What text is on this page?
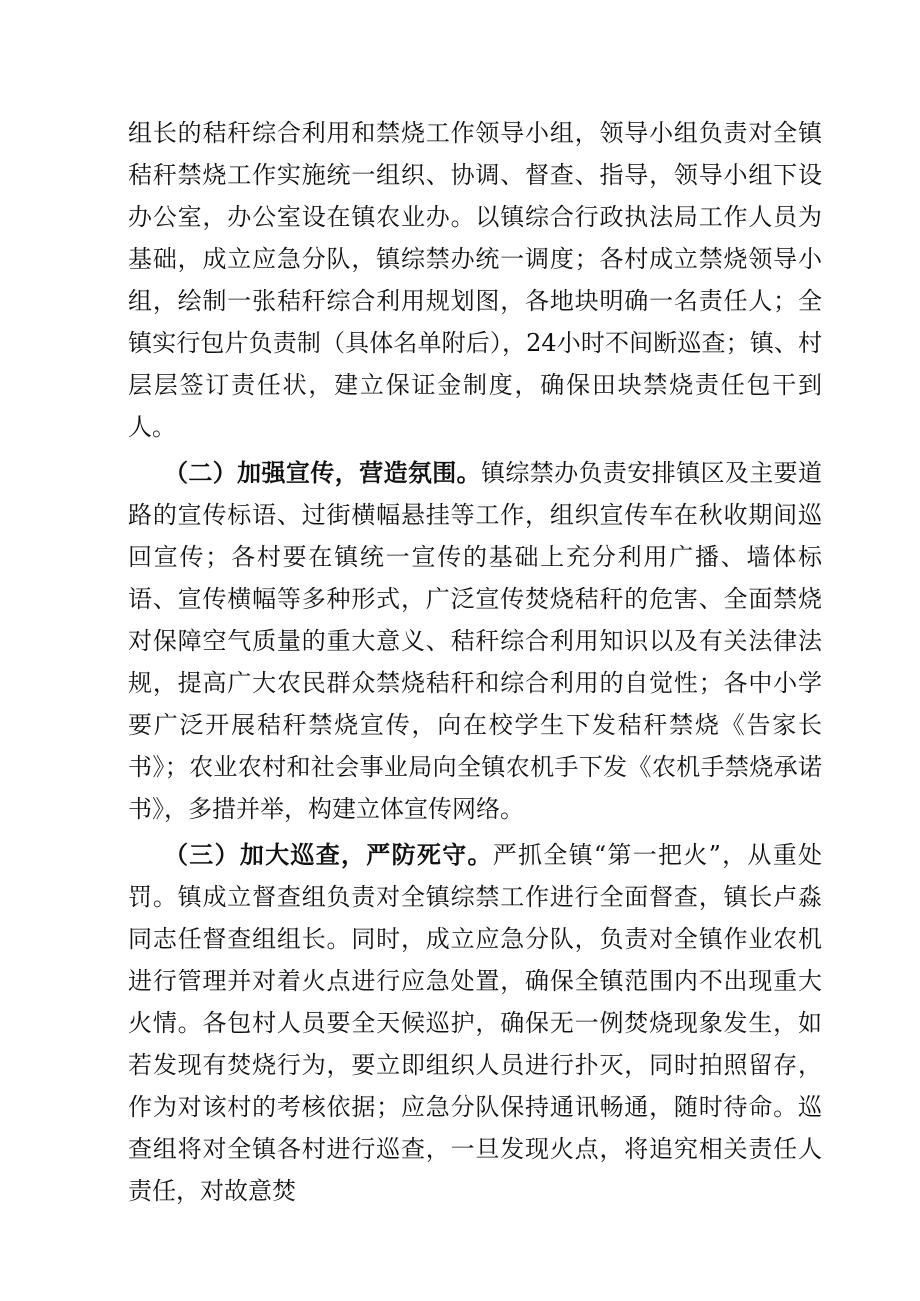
组长的秸秆综合利用和禁烧工作领导小组，领导小组负责对全镇秸秆禁烧工作实施统一组织、协调、督查、指导，领导小组下设办公室，办公室设在镇农业办。以镇综合行政执法局工作人员为基础，成立应急分队，镇综禁办统一调度；各村成立禁烧领导小组，绘制一张秸秆综合利用规划图，各地块明确一名责任人；全镇实行包片负责制（具体名单附后），24小时不间断巡查；镇、村层层签订责任状，建立保证金制度，确保田块禁烧责任包干到人。

（二）加强宣传，营造氛围。镇综禁办负责安排镇区及主要道路的宣传标语、过街横幅悬挂等工作，组织宣传车在秋收期间巡回宣传；各村要在镇统一宣传的基础上充分利用广播、墙体标语、宣传横幅等多种形式，广泛宣传焚烧秸秆的危害、全面禁烧对保障空气质量的重大意义、秸秆综合利用知识以及有关法律法规，提高广大农民群众禁烧秸秆和综合利用的自觉性；各中小学要广泛开展秸秆禁烧宣传，向在校学生下发秸秆禁烧《告家长书》；农业农村和社会事业局向全镇农机手下发《农机手禁烧承诺书》，多措并举，构建立体宣传网络。

（三）加大巡查，严防死守。严抓全镇“第一把火”，从重处罚。镇成立督查组负责对全镇综禁工作进行全面督查，镇长卢淼同志任督查组组长。同时，成立应急分队，负责对全镇作业农机进行管理并对着火点进行应急处置，确保全镇范围内不出现重大火情。各包村人员要全天候巡护，确保无一例焚烧现象发生，如若发现有焚烧行为，要立即组织人员进行扑灭，同时拍照留存，作为对该村的考核依据；应急分队保持通讯畅通，随时待命。巡查组将对全镇各村进行巡查，一旦发现火点，将追究相关责任人责任，对故意焚
